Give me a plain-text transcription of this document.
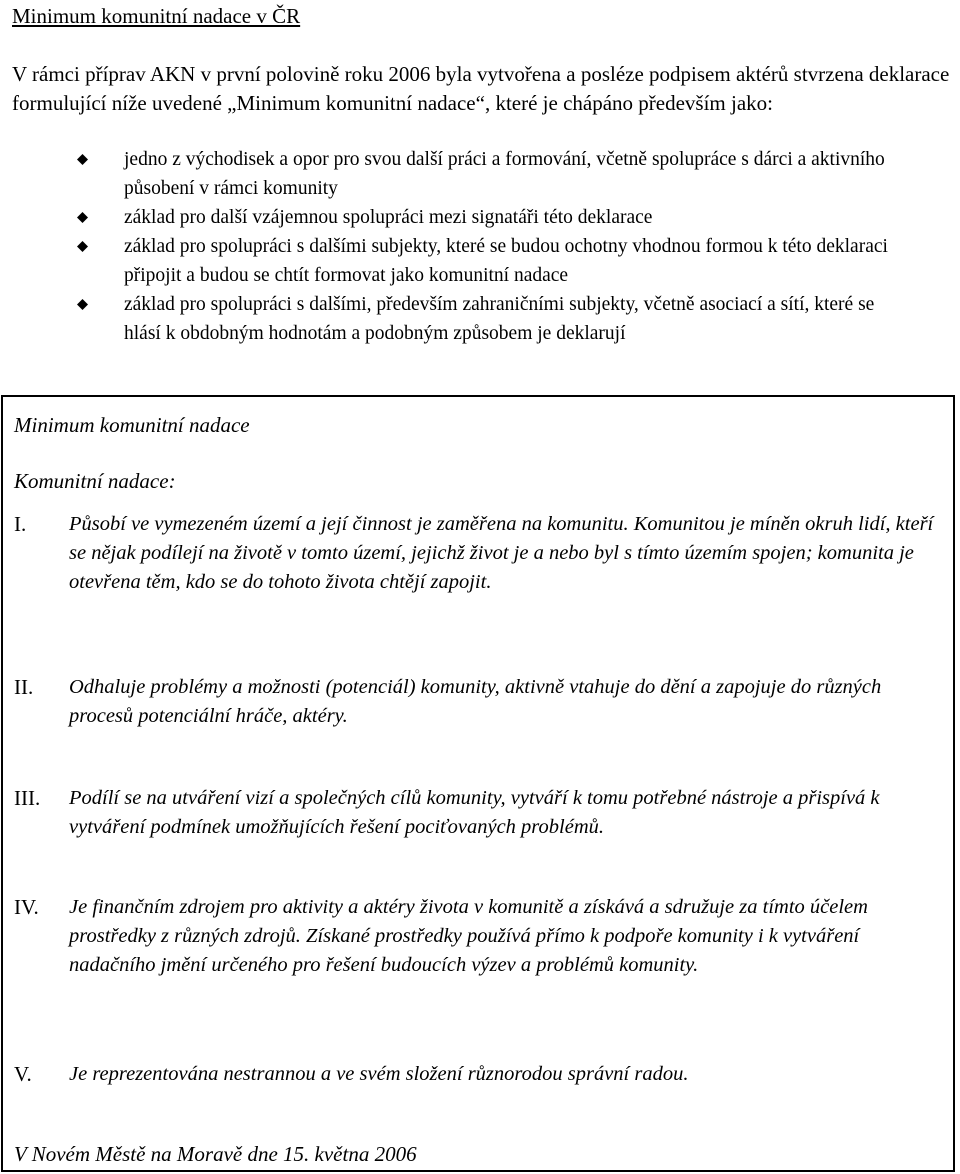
Minimum komunitní nadace v ČR

V rámci příprav AKN v první polovině roku 2006 byla vytvořena a posléze podpisem aktérů stvrzena deklarace formulující níže uvedené „Minimum komunitní nadace“, které je chápáno především jako:

jedno z východisek a opor pro svou další práci a formování, včetně spolupráce s dárci a aktivního působení v rámci komunity
základ pro další vzájemnou spolupráci mezi signatáři této deklarace
základ pro spolupráci s dalšími subjekty, které se budou ochotny vhodnou formou k této deklaraci připojit a budou se chtít formovat jako komunitní nadace
základ pro spolupráci s dalšími, především zahraničními subjekty, včetně asociací a sítí, které se hlásí k obdobným hodnotám a podobným způsobem je deklarují
Minimum komunitní nadace
Komunitní nadace:
I. Působí ve vymezeném území a její činnost je zaměřena na komunitu. Komunitou je míněn okruh lidí, kteří se nějak podílejí na životě v tomto území, jejichž život je a nebo byl s tímto územím spojen; komunita je otevřena těm, kdo se do tohoto života chtějí zapojit.
II. Odhaluje problémy a možnosti (potenciál) komunity, aktivně vtahuje do dění a zapojuje do různých procesů potenciální hráče, aktéry.
III. Podílí se na utváření vizí a společných cílů komunity, vytváří k tomu potřebné nástroje a přispívá k vytváření podmínek umožňujících řešení pociťovaných problémů.
IV. Je finančním zdrojem pro aktivity a aktéry života v komunitě a získává a sdružuje za tímto účelem prostředky z různých zdrojů. Získané prostředky používá přímo k podpoře komunity i k vytváření nadačního jmění určeného pro řešení budoucích výzev a problémů komunity.
V. Je reprezentována nestrannou a ve svém složení různorodou správní radou.
V Novém Městě na Moravě dne 15. května 2006
